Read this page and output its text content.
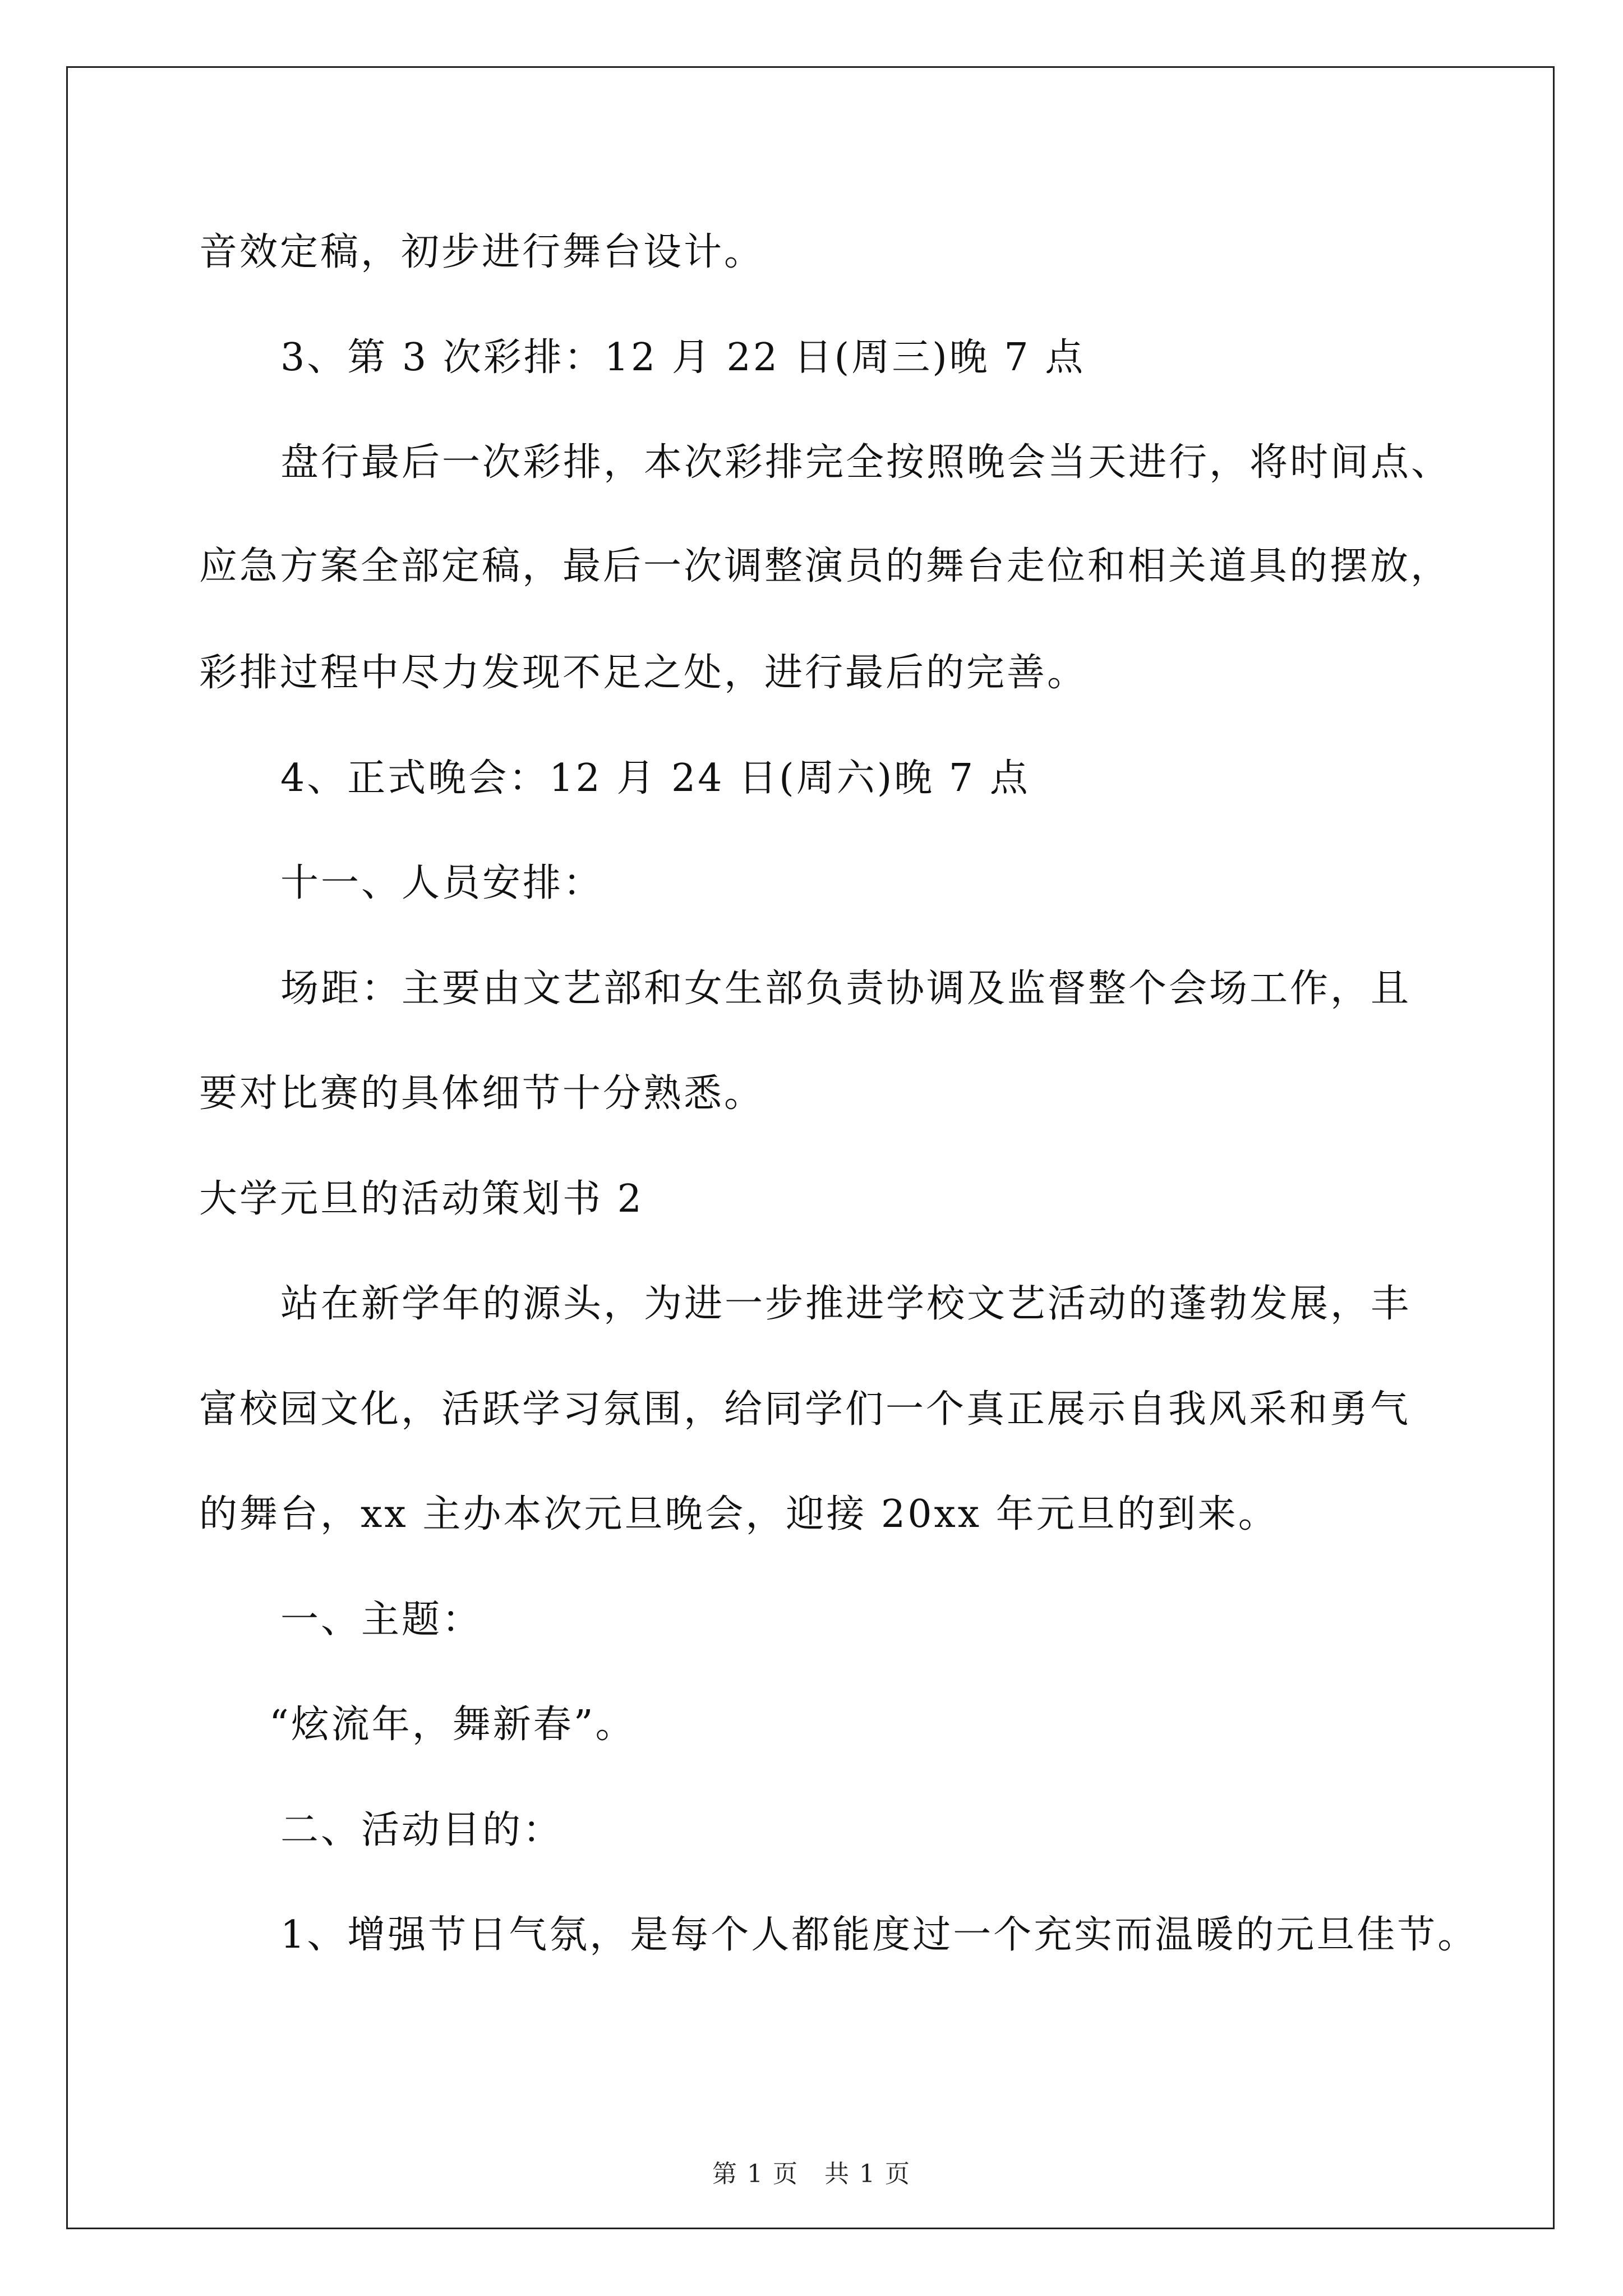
音效定稿，初步进行舞台设计。
3、第 3 次彩排：12 月 22 日(周三)晚 7 点
盘行最后一次彩排，本次彩排完全按照晚会当天进行，将时间点、
应急方案全部定稿，最后一次调整演员的舞台走位和相关道具的摆放，
彩排过程中尽力发现不足之处，进行最后的完善。
4、正式晚会：12 月 24 日(周六)晚 7 点
十一、人员安排：
场距：主要由文艺部和女生部负责协调及监督整个会场工作，且
要对比赛的具体细节十分熟悉。
大学元旦的活动策划书 2
站在新学年的源头，为进一步推进学校文艺活动的蓬勃发展，丰
富校园文化，活跃学习氛围，给同学们一个真正展示自我风采和勇气
的舞台，xx 主办本次元旦晚会，迎接 20xx 年元旦的到来。
一、主题：
“炫流年，舞新春”。
二、活动目的：
1、增强节日气氛，是每个人都能度过一个充实而温暖的元旦佳节。
第 1 页　共 1 页
